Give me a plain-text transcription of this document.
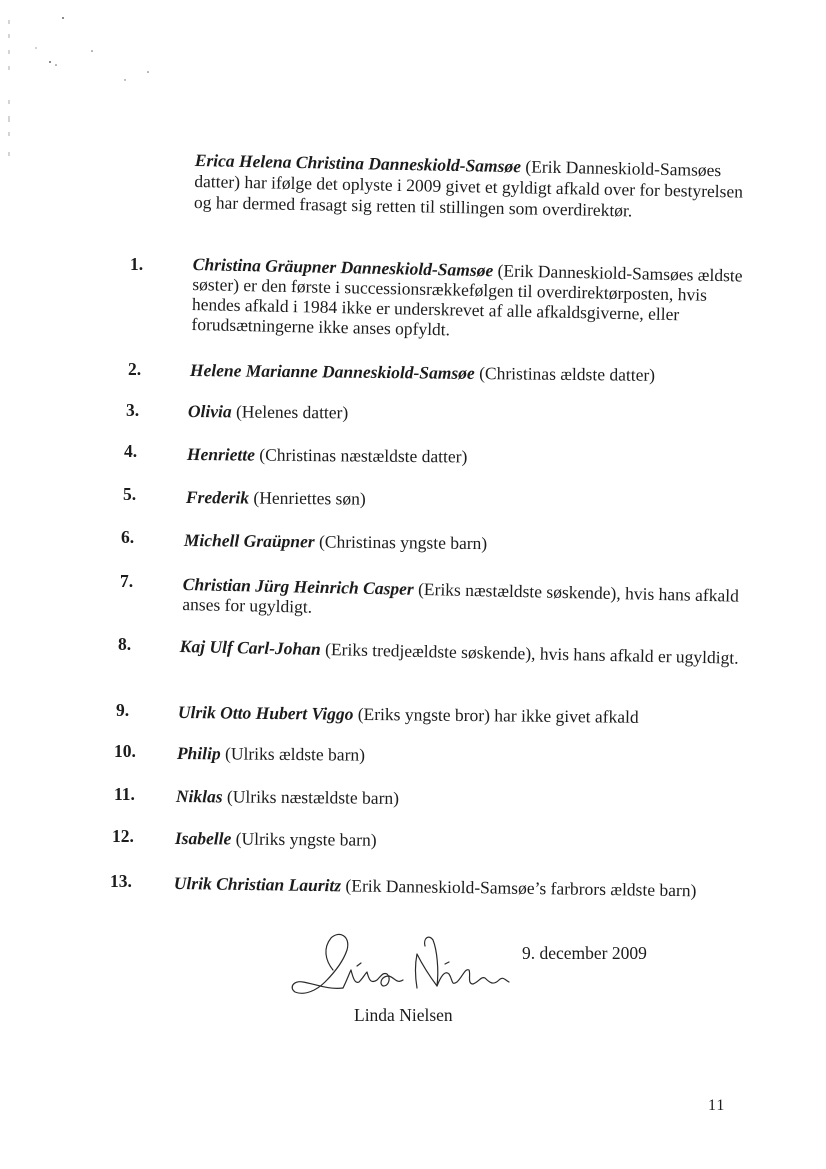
Erica Helena Christina Danneskiold-Samsøe (Erik Danneskiold-Samsøes datter) har ifølge det oplyste i 2009 givet et gyldigt afkald over for bestyrelsen og har dermed frasagt sig retten til stillingen som overdirektør.
1.	Christina Gräupner Danneskiold-Samsøe (Erik Danneskiold-Samsøes ældste søster) er den første i successionsrækkefølgen til overdirektørposten, hvis hendes afkald i 1984 ikke er underskrevet af alle afkaldsgiverne, eller forudsætningerne ikke anses opfyldt.
2.	Helene Marianne Danneskiold-Samsøe (Christinas ældste datter)
3.	Olivia (Helenes datter)
4.	Henriette (Christinas næstældste datter)
5.	Frederik (Henriettes søn)
6.	Michell Graüpner (Christinas yngste barn)
7.	Christian Jürg Heinrich Casper (Eriks næstældste søskende), hvis hans afkald anses for ugyldigt.
8.	Kaj Ulf Carl-Johan (Eriks tredjeældste søskende), hvis hans afkald er ugyldigt.
9.	Ulrik Otto Hubert Viggo (Eriks yngste bror) har ikke givet afkald
10. Philip (Ulriks ældste barn)
11. Niklas (Ulriks næstældste barn)
12. Isabelle (Ulriks yngste barn)
13. Ulrik Christian Lauritz (Erik Danneskiold-Samsøe’s farbrors ældste barn)
9. december 2009
Linda Nielsen
11
